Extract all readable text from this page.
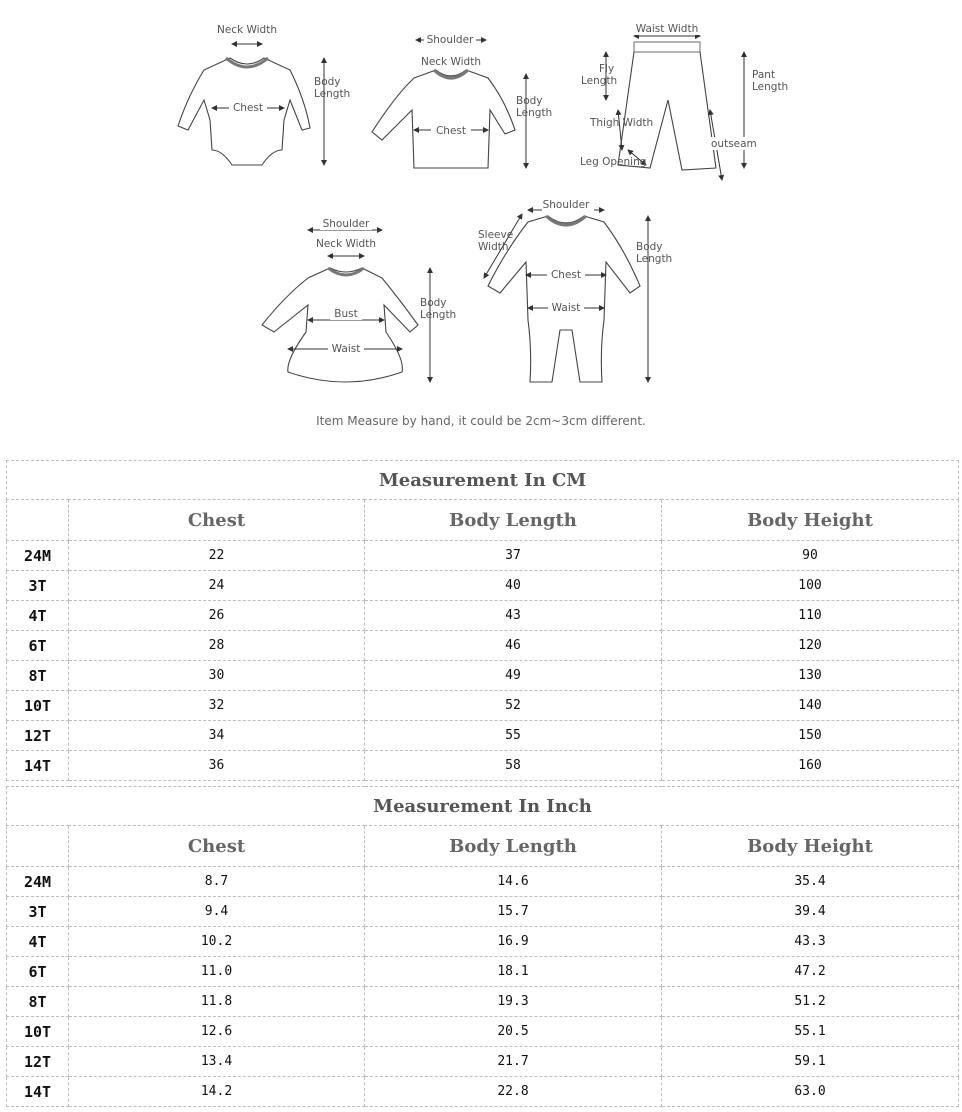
Neck Width
Chest
Body
Length
Shoulder
Neck Width
Chest
Body
Length
Waist Width
Fly
Length	Pant
Length
Thigh Width
outseam
Leg Opening
Shoulder
Neck Width
Bust
Waist
Body
Length
Shoulder
Sleeve
Width
Chest
Waist
Body
Length
Item Measure by hand, it could be 2cm~3cm different.
Measurement In CM			
	Chest	Body Length	Body Height
24M	22	37	90
3T	24	40	100
4T	26	43	110
6T	28	46	120
8T	30	49	130
10T	32	52	140
12T	34	55	150
14T	36	58	160
Measurement In Inch			
	Chest	Body Length	Body Height
24M	8.7	14.6	35.4
3T	9.4	15.7	39.4
4T	10.2	16.9	43.3
6T	11.0	18.1	47.2
8T	11.8	19.3	51.2
10T	12.6	20.5	55.1
12T	13.4	21.7	59.1
14T	14.2	22.8	63.0
